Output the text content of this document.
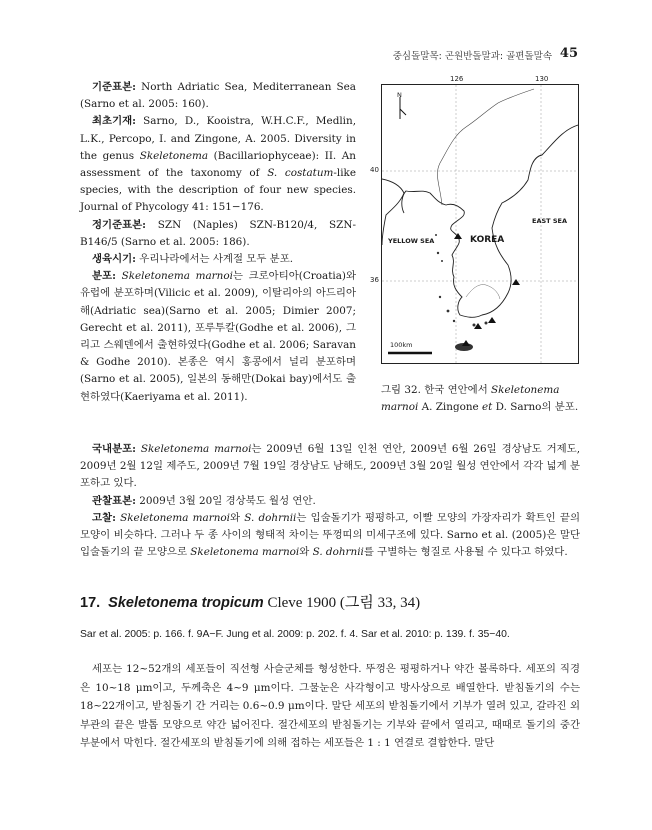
중심돌말목: 곤원반돌말과: 골편돌말속 45

기준표본: North Adriatic Sea, Mediterranean Sea (Sarno et al. 2005: 160).

최초기재: Sarno, D., Kooistra, W.H.C.F., Medlin, L.K., Percopo, I. and Zingone, A. 2005. Diversity in the genus Skeletonema (Bacillariophyceae): II. An assessment of the taxonomy of S. costatum-like species, with the description of four new species. Journal of Phycology 41: 151−176.

정기준표본: SZN (Naples) SZN-B120/4, SZN-B146/5 (Sarno et al. 2005: 186).

생육시기: 우리나라에서는 사계절 모두 분포.

분포: Skeletonema marnoi는 크로아티아(Croatia)와 유럽에 분포하며(Vilicic et al. 2009), 이탈리아의 아드리아해(Adriatic sea)(Sarno et al. 2005; Dimier 2007; Gerecht et al. 2011), 포루투칼(Godhe et al. 2006), 그리고 스웨덴에서 출현하였다(Godhe et al. 2006; Saravan & Godhe 2010). 본종은 역시 홍콩에서 널리 분포하며(Sarno et al. 2005), 일본의 동해만(Dokai bay)에서도 출현하였다(Kaeriyama et al. 2011).

126	130
40
36
N
EAST SEA
YELLOW SEA	KOREA
100km
그림 32. 한국 연안에서 Skeletonema marnoi A. Zingone et D. Sarno의 분포.

국내분포: Skeletonema marnoi는 2009년 6월 13일 인천 연안, 2009년 6월 26일 경상남도 거제도, 2009년 2월 12일 제주도, 2009년 7월 19일 경상남도 남해도, 2009년 3월 20일 월성 연안에서 각각 넓게 분포하고 있다.

관찰표본: 2009년 3월 20일 경상북도 월성 연안.

고찰: Skeletonema marnoi와 S. dohrnii는 입술돌기가 평평하고, 이빨 모양의 가장자리가 확트인 끝의 모양이 비슷하다. 그러나 두 종 사이의 형태적 차이는 뚜껑띠의 미세구조에 있다. Sarno et al. (2005)은 말단 입술돌기의 끝 모양으로 Skeletonema marnoi와 S. dohrnii를 구별하는 형질로 사용될 수 있다고 하였다.

17. Skeletonema tropicum Cleve 1900 (그림 33, 34)
Sar et al. 2005: p. 166. f. 9A−F. Jung et al. 2009: p. 202. f. 4. Sar et al. 2010: p. 139. f. 35−40.

세포는 12~52개의 세포들이 직선형 사슬군체를 형성한다. 뚜껑은 평평하거나 약간 볼록하다. 세포의 직경은 10~18 μm이고, 두께축은 4~9 μm이다. 그물눈은 사각형이고 방사상으로 배열한다. 받침돌기의 수는 18~22개이고, 받침돌기 간 거리는 0.6~0.9 μm이다. 말단 세포의 받침돌기에서 기부가 열려 있고, 갈라진 외부관의 끝은 발톱 모양으로 약간 넓어진다. 절간세포의 받침돌기는 기부와 끝에서 열리고, 때때로 돌기의 중간 부분에서 막힌다. 절간세포의 받침돌기에 의해 접하는 세포들은 1 : 1 연결로 결합한다. 말단
